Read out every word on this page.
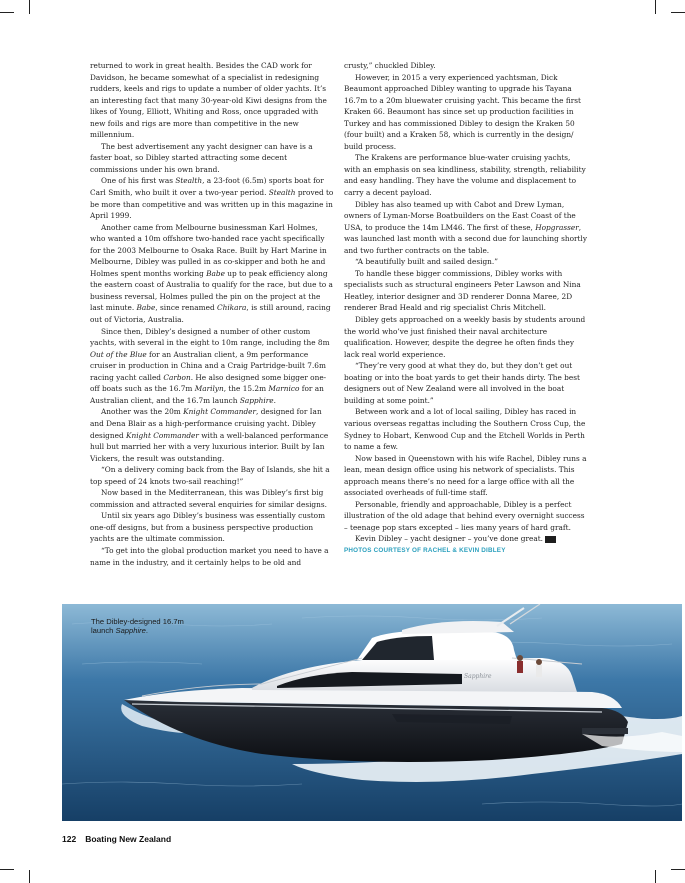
returned to work in great health. Besides the CAD work for Davidson, he became somewhat of a specialist in redesigning rudders, keels and rigs to update a number of older yachts. It’s an interesting fact that many 30-year-old Kiwi designs from the likes of Young, Elliott, Whiting and Ross, once upgraded with new foils and rigs are more than competitive in the new millennium.

The best advertisement any yacht designer can have is a faster boat, so Dibley started attracting some decent commissions under his own brand.

One of his first was Stealth, a 23-foot (6.5m) sports boat for Carl Smith, who built it over a two-year period. Stealth proved to be more than competitive and was written up in this magazine in April 1999.

Another came from Melbourne businessman Karl Holmes, who wanted a 10m offshore two-handed race yacht specifically for the 2003 Melbourne to Osaka Race. Built by Hart Marine in Melbourne, Dibley was pulled in as co-skipper and both he and Holmes spent months working Babe up to peak efficiency along the eastern coast of Australia to qualify for the race, but due to a business reversal, Holmes pulled the pin on the project at the last minute. Babe, since renamed Chikara, is still around, racing out of Victoria, Australia.

Since then, Dibley’s designed a number of other custom yachts, with several in the eight to 10m range, including the 8m Out of the Blue for an Australian client, a 9m performance cruiser in production in China and a Craig Partridge-built 7.6m racing yacht called Carbon. He also designed some bigger one-off boats such as the 16.7m Marilyn, the 15.2m Marnico for an Australian client, and the 16.7m launch Sapphire.

Another was the 20m Knight Commander, designed for Ian and Dena Blair as a high-performance cruising yacht. Dibley designed Knight Commander with a well-balanced performance hull but married her with a very luxurious interior. Built by Ian Vickers, the result was outstanding.

“On a delivery coming back from the Bay of Islands, she hit a top speed of 24 knots two-sail reaching!”

Now based in the Mediterranean, this was Dibley’s first big commission and attracted several enquiries for similar designs.

Until six years ago Dibley’s business was essentially custom one-off designs, but from a business perspective production yachts are the ultimate commission.

“To get into the global production market you need to have a name in the industry, and it certainly helps to be old and

crusty,” chuckled Dibley.

However, in 2015 a very experienced yachtsman, Dick Beaumont approached Dibley wanting to upgrade his Tayana 16.7m to a 20m bluewater cruising yacht. This became the first Kraken 66. Beaumont has since set up production facilities in Turkey and has commissioned Dibley to design the Kraken 50 (four built) and a Kraken 58, which is currently in the design/ build process.

The Krakens are performance blue-water cruising yachts, with an emphasis on sea kindliness, stability, strength, reliability and easy handling. They have the volume and displacement to carry a decent payload.

Dibley has also teamed up with Cabot and Drew Lyman, owners of Lyman-Morse Boatbuilders on the East Coast of the USA, to produce the 14m LM46. The first of these, Hopgrasser, was launched last month with a second due for launching shortly and two further contracts on the table.

“A beautifully built and sailed design.”

To handle these bigger commissions, Dibley works with specialists such as structural engineers Peter Lawson and Nina Heatley, interior designer and 3D renderer Donna Maree, 2D renderer Brad Heald and rig specialist Chris Mitchell.

Dibley gets approached on a weekly basis by students around the world who’ve just finished their naval architecture qualification. However, despite the degree he often finds they lack real world experience.

“They’re very good at what they do, but they don’t get out boating or into the boat yards to get their hands dirty. The best designers out of New Zealand were all involved in the boat building at some point.”

Between work and a lot of local sailing, Dibley has raced in various overseas regattas including the Southern Cross Cup, the Sydney to Hobart, Kenwood Cup and the Etchell Worlds in Perth to name a few.

Now based in Queenstown with his wife Rachel, Dibley runs a lean, mean design office using his network of specialists. This approach means there’s no need for a large office with all the associated overheads of full-time staff.

Personable, friendly and approachable, Dibley is a perfect illustration of the old adage that behind every overnight success – teenage pop stars excepted – lies many years of hard graft.

Kevin Dibley – yacht designer – you’ve done great.	BNZ

PHOTOS COURTESY OF RACHEL & KEVIN DIBLEY

Sapphire
The Dibley-designed 16.7m
launch Sapphire.
122 Boating New Zealand
